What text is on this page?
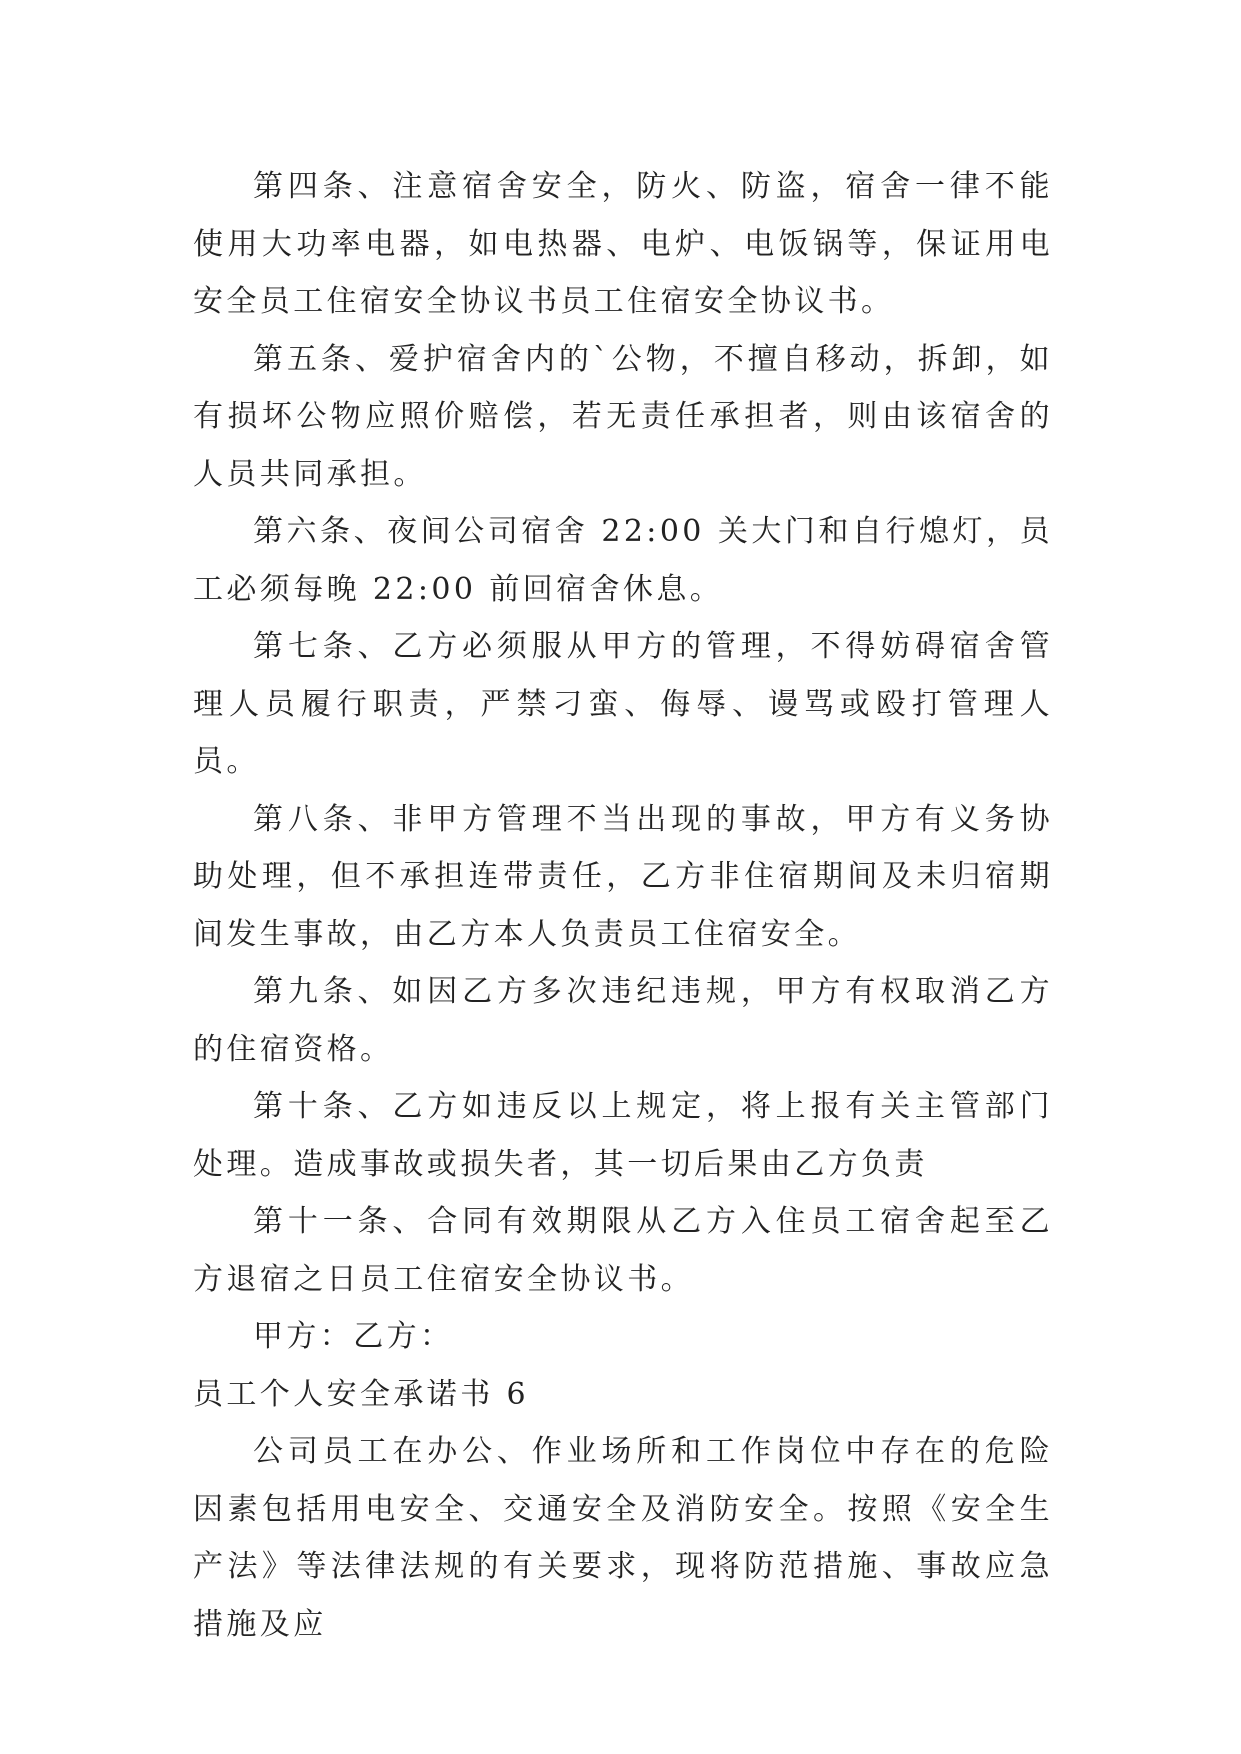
第四条、注意宿舍安全，防火、防盗，宿舍一律不能使用大功率电器，如电热器、电炉、电饭锅等，保证用电安全员工住宿安全协议书员工住宿安全协议书。

第五条、爱护宿舍内的`公物，不擅自移动，拆卸，如有损坏公物应照价赔偿，若无责任承担者，则由该宿舍的人员共同承担。

第六条、夜间公司宿舍 22:00 关大门和自行熄灯，员工必须每晚 22:00 前回宿舍休息。

第七条、乙方必须服从甲方的管理，不得妨碍宿舍管理人员履行职责，严禁刁蛮、侮辱、谩骂或殴打管理人员。

第八条、非甲方管理不当出现的事故，甲方有义务协助处理，但不承担连带责任，乙方非住宿期间及未归宿期间发生事故，由乙方本人负责员工住宿安全。

第九条、如因乙方多次违纪违规，甲方有权取消乙方的住宿资格。

第十条、乙方如违反以上规定，将上报有关主管部门处理。造成事故或损失者，其一切后果由乙方负责

第十一条、合同有效期限从乙方入住员工宿舍起至乙方退宿之日员工住宿安全协议书。

甲方：乙方：

员工个人安全承诺书 6

公司员工在办公、作业场所和工作岗位中存在的危险因素包括用电安全、交通安全及消防安全。按照《安全生产法》等法律法规的有关要求，现将防范措施、事故应急措施及应
